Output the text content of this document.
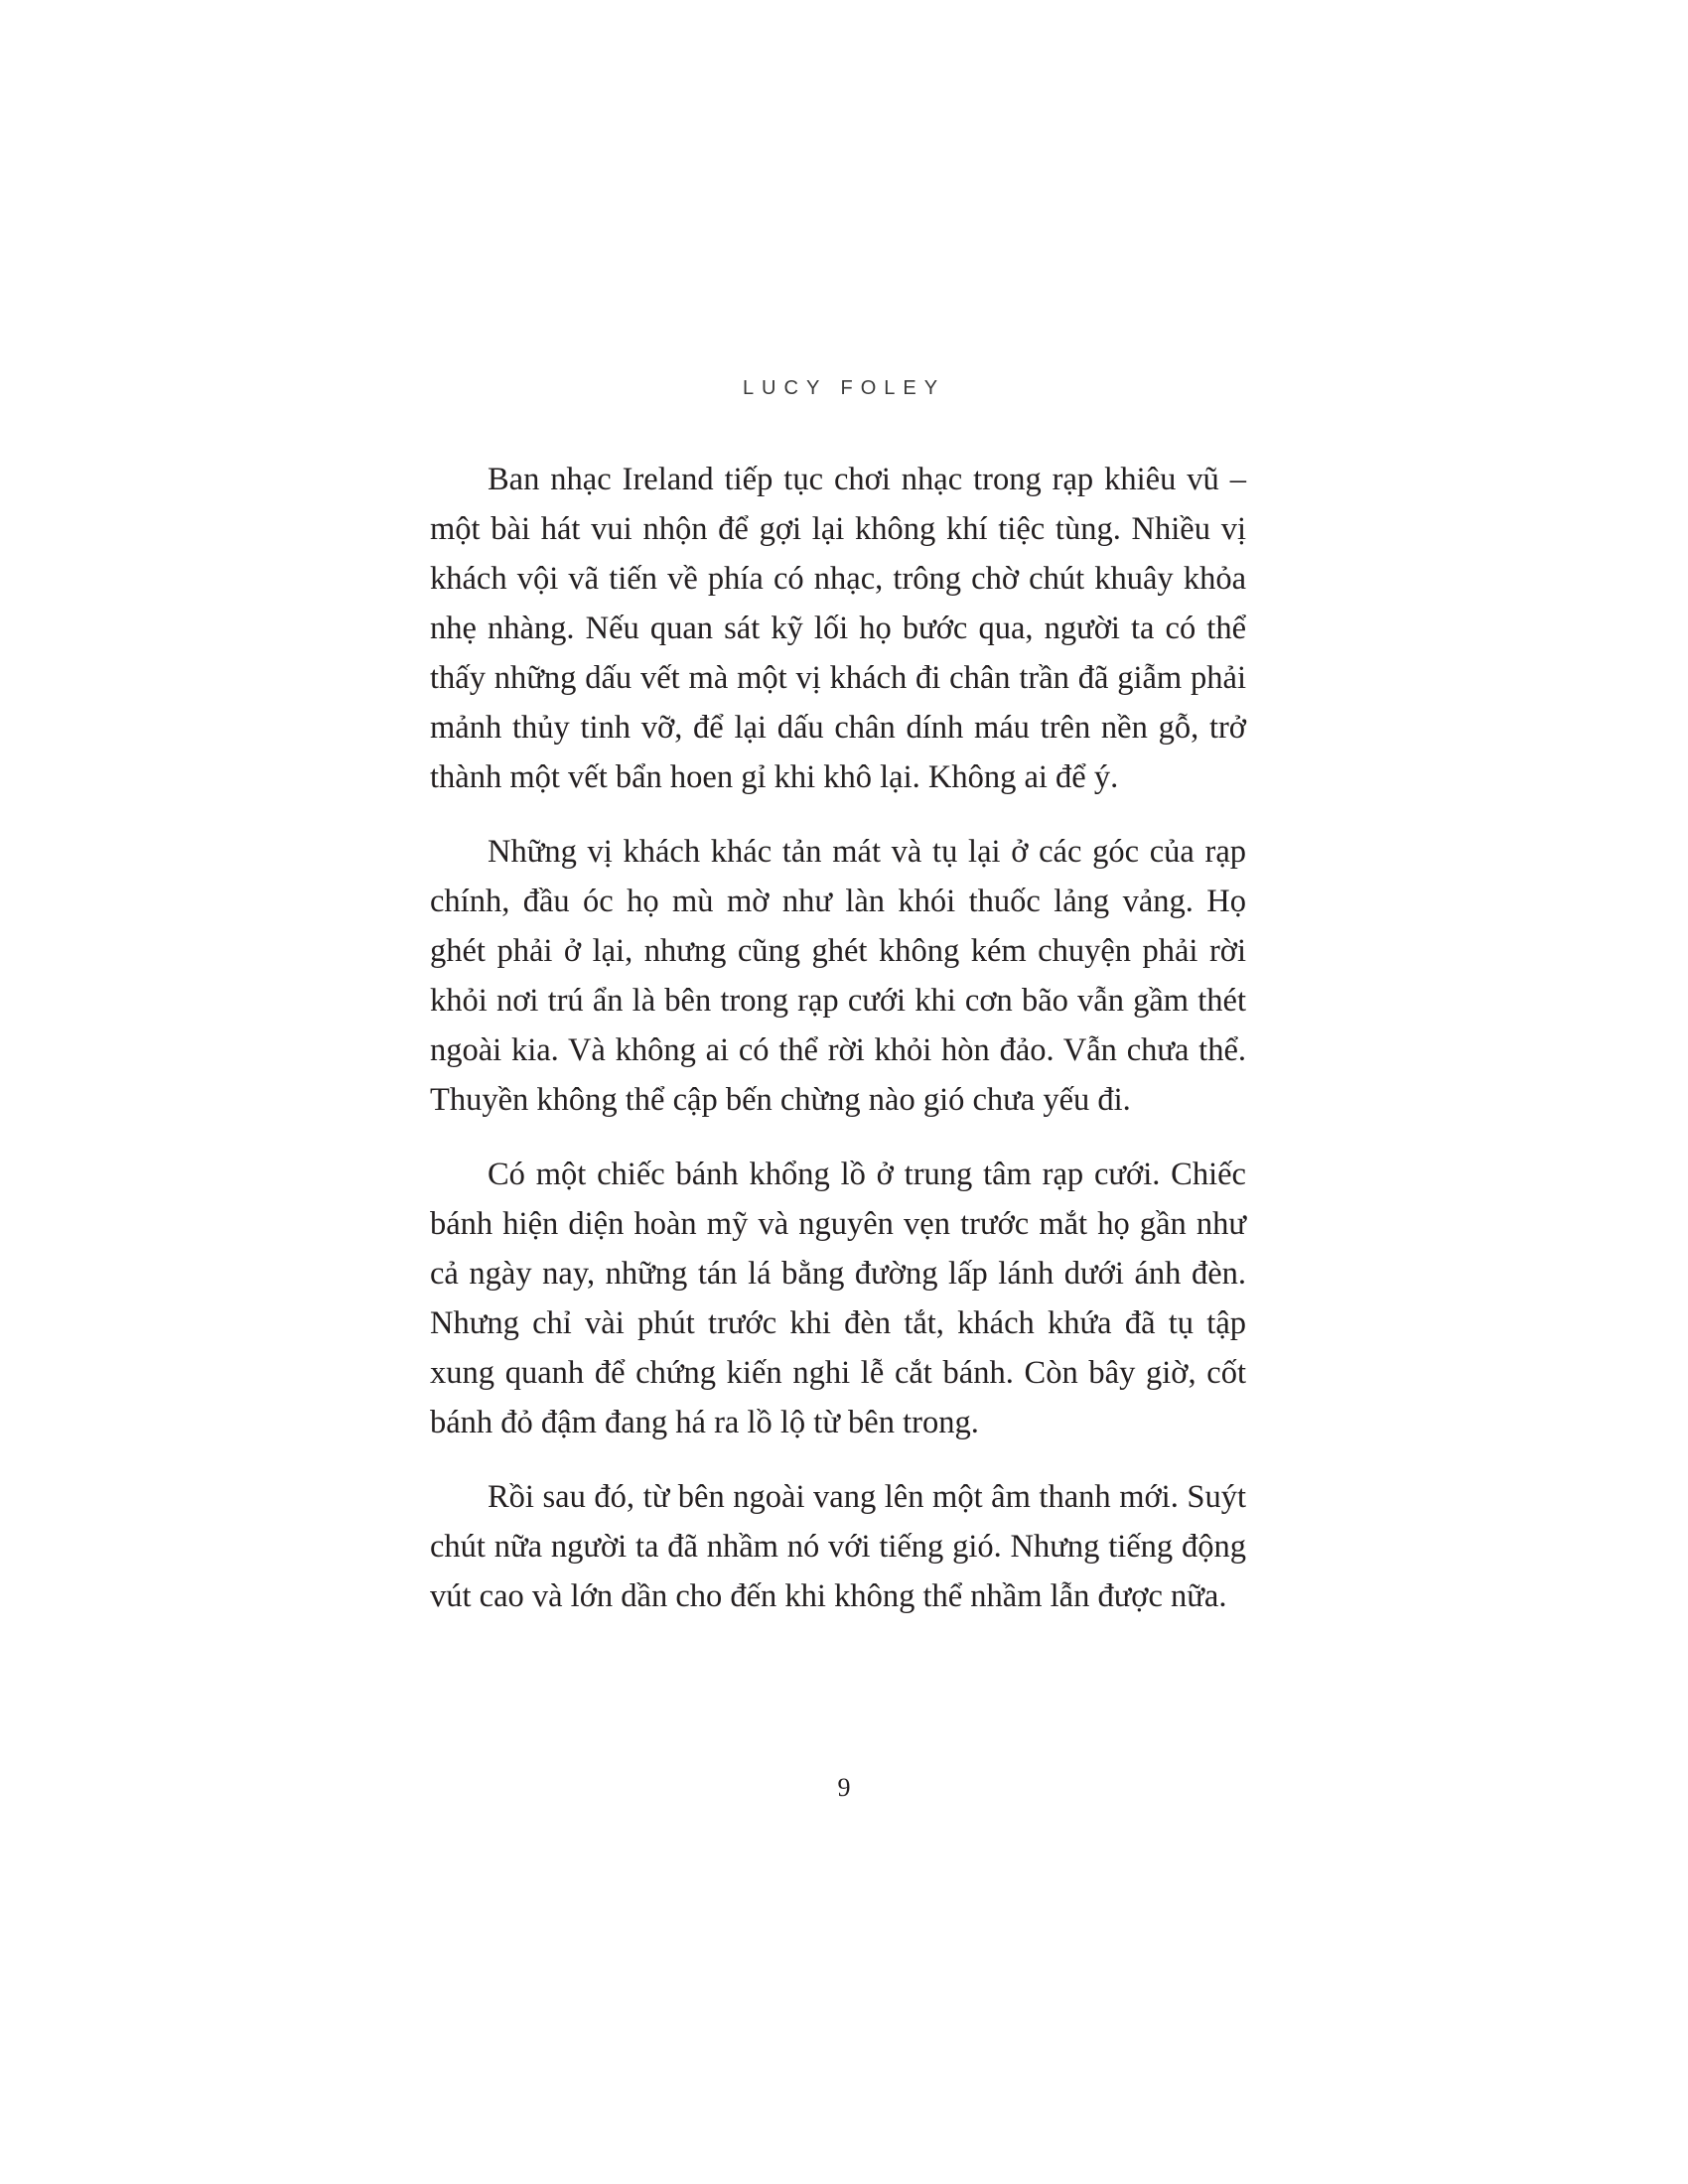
LUCY FOLEY

Ban nhạc Ireland tiếp tục chơi nhạc trong rạp khiêu vũ – một bài hát vui nhộn để gợi lại không khí tiệc tùng. Nhiều vị khách vội vã tiến về phía có nhạc, trông chờ chút khuây khỏa nhẹ nhàng. Nếu quan sát kỹ lối họ bước qua, người ta có thể thấy những dấu vết mà một vị khách đi chân trần đã giẫm phải mảnh thủy tinh vỡ, để lại dấu chân dính máu trên nền gỗ, trở thành một vết bẩn hoen gỉ khi khô lại. Không ai để ý.

Những vị khách khác tản mát và tụ lại ở các góc của rạp chính, đầu óc họ mù mờ như làn khói thuốc lảng vảng. Họ ghét phải ở lại, nhưng cũng ghét không kém chuyện phải rời khỏi nơi trú ẩn là bên trong rạp cưới khi cơn bão vẫn gầm thét ngoài kia. Và không ai có thể rời khỏi hòn đảo. Vẫn chưa thể. Thuyền không thể cập bến chừng nào gió chưa yếu đi.

Có một chiếc bánh khổng lồ ở trung tâm rạp cưới. Chiếc bánh hiện diện hoàn mỹ và nguyên vẹn trước mắt họ gần như cả ngày nay, những tán lá bằng đường lấp lánh dưới ánh đèn. Nhưng chỉ vài phút trước khi đèn tắt, khách khứa đã tụ tập xung quanh để chứng kiến nghi lễ cắt bánh. Còn bây giờ, cốt bánh đỏ đậm đang há ra lồ lộ từ bên trong.

Rồi sau đó, từ bên ngoài vang lên một âm thanh mới. Suýt chút nữa người ta đã nhầm nó với tiếng gió. Nhưng tiếng động vút cao và lớn dần cho đến khi không thể nhầm lẫn được nữa.

9
